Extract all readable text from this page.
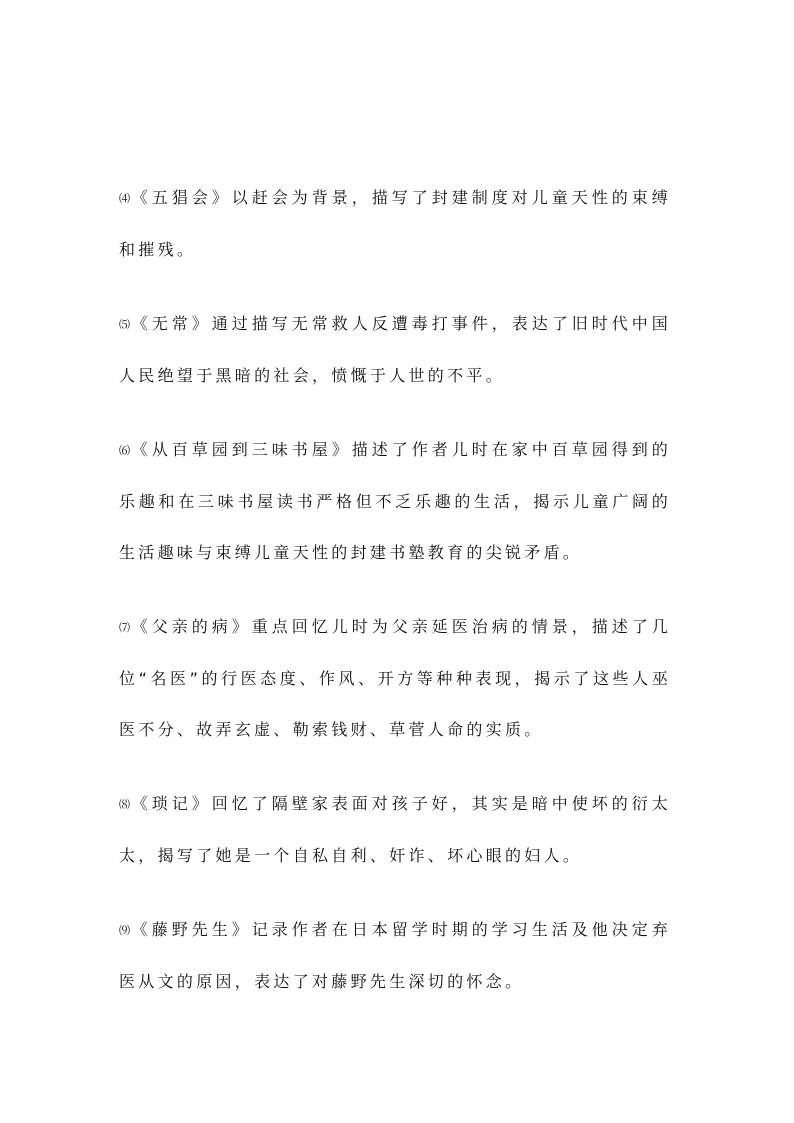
⑷《五猖会》以赶会为背景，描写了封建制度对儿童天性的束缚和摧残。

⑸《无常》通过描写无常救人反遭毒打事件，表达了旧时代中国人民绝望于黑暗的社会，愤慨于人世的不平。

⑹《从百草园到三味书屋》描述了作者儿时在家中百草园得到的乐趣和在三味书屋读书严格但不乏乐趣的生活，揭示儿童广阔的生活趣味与束缚儿童天性的封建书塾教育的尖锐矛盾。

⑺《父亲的病》重点回忆儿时为父亲延医治病的情景，描述了几位“名医”的行医态度、作风、开方等种种表现，揭示了这些人巫医不分、故弄玄虚、勒索钱财、草菅人命的实质。

⑻《琐记》回忆了隔壁家表面对孩子好，其实是暗中使坏的衍太太，揭写了她是一个自私自利、奸诈、坏心眼的妇人。

⑼《藤野先生》记录作者在日本留学时期的学习生活及他决定弃医从文的原因，表达了对藤野先生深切的怀念。
